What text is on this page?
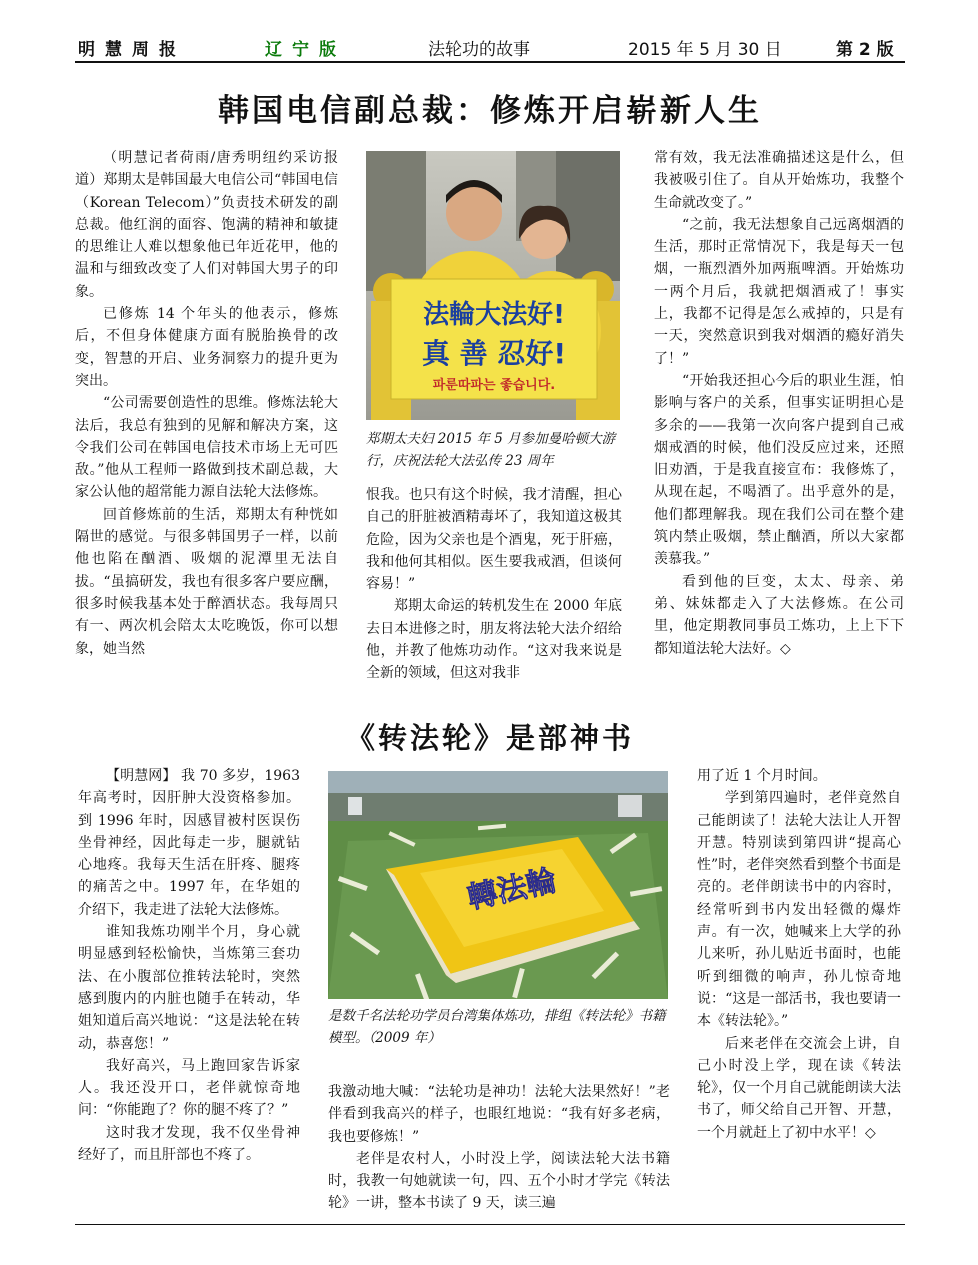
明慧周报	辽宁版	法轮功的故事	2015 年 5 月 30 日	第 2 版
韩国电信副总裁：修炼开启崭新人生

（明慧记者荷雨/唐秀明纽约采访报道）郑期太是韩国最大电信公司“韩国电信（Korean Telecom）”负责技术研发的副总裁。他红润的面容、饱满的精神和敏捷的思维让人难以想象他已年近花甲，他的温和与细致改变了人们对韩国大男子的印象。

已修炼 14 个年头的他表示，修炼后，不但身体健康方面有脱胎换骨的改变，智慧的开启、业务洞察力的提升更为突出。

“公司需要创造性的思维。修炼法轮大法后，我总有独到的见解和解决方案，这令我们公司在韩国电信技术市场上无可匹敌。”他从工程师一路做到技术副总裁，大家公认他的超常能力源自法轮大法修炼。

回首修炼前的生活，郑期太有种恍如隔世的感觉。与很多韩国男子一样，以前他也陷在酗酒、吸烟的泥潭里无法自拔。“虽搞研发，我也有很多客户要应酬，很多时候我基本处于醉酒状态。我每周只有一、两次机会陪太太吃晚饭，你可以想象，她当然

法輪大法好!
真 善 忍好!
파룬따파는 좋습니다.
郑期太夫妇 2015 年 5 月参加曼哈顿大游行，庆祝法轮大法弘传 23 周年

恨我。也只有这个时候，我才清醒，担心自己的肝脏被酒精毒坏了，我知道这极其危险，因为父亲也是个酒鬼，死于肝癌，我和他何其相似。医生要我戒酒，但谈何容易！”

郑期太命运的转机发生在 2000 年底去日本进修之时，朋友将法轮大法介绍给他，并教了他炼功动作。“这对我来说是全新的领域，但这对我非

常有效，我无法准确描述这是什么，但我被吸引住了。自从开始炼功，我整个生命就改变了。”

“之前，我无法想象自己远离烟酒的生活，那时正常情况下，我是每天一包烟，一瓶烈酒外加两瓶啤酒。开始炼功一两个月后，我就把烟酒戒了！事实上，我都不记得是怎么戒掉的，只是有一天，突然意识到我对烟酒的瘾好消失了！”

“开始我还担心今后的职业生涯，怕影响与客户的关系，但事实证明担心是多余的——我第一次向客户提到自己戒烟戒酒的时候，他们没反应过来，还照旧劝酒，于是我直接宣布：我修炼了，从现在起，不喝酒了。出乎意外的是，他们都理解我。现在我们公司在整个建筑内禁止吸烟，禁止酗酒，所以大家都羡慕我。”

看到他的巨变，太太、母亲、弟弟、妹妹都走入了大法修炼。在公司里，他定期教同事员工炼功，上上下下都知道法轮大法好。◇

《转法轮》是部神书

【明慧网】 我 70 多岁，1963 年高考时，因肝肿大没资格参加。到 1996 年时，因感冒被村医误伤坐骨神经，因此每走一步，腿就钻心地疼。我每天生活在肝疼、腿疼的痛苦之中。1997 年，在华姐的介绍下，我走进了法轮大法修炼。

谁知我炼功刚半个月，身心就明显感到轻松愉快，当炼第三套功法、在小腹部位推转法轮时，突然感到腹内的内脏也随手在转动，华姐知道后高兴地说：“这是法轮在转动，恭喜您！”

我好高兴，马上跑回家告诉家人。我还没开口，老伴就惊奇地问：“你能跑了？你的腿不疼了？”

这时我才发现，我不仅坐骨神经好了，而且肝部也不疼了。

轉法輪
是数千名法轮功学员台湾集体炼功，排组《转法轮》书籍模型。（2009 年）

我激动地大喊：“法轮功是神功！法轮大法果然好！”老伴看到我高兴的样子，也眼红地说：“我有好多老病，我也要修炼！”

老伴是农村人，小时没上学，阅读法轮大法书籍时，我教一句她就读一句，四、五个小时才学完《转法轮》一讲，整本书读了 9 天，读三遍

用了近 1 个月时间。

学到第四遍时，老伴竟然自己能朗读了！法轮大法让人开智开慧。特别读到第四讲“提高心性”时，老伴突然看到整个书面是亮的。老伴朗读书中的内容时，经常听到书内发出轻微的爆炸声。有一次，她喊来上大学的孙儿来听，孙儿贴近书面时，也能听到细微的响声，孙儿惊奇地说：“这是一部活书，我也要请一本《转法轮》。”

后来老伴在交流会上讲，自己小时没上学，现在读《转法轮》，仅一个月自己就能朗读大法书了，师父给自己开智、开慧，一个月就赶上了初中水平！◇
